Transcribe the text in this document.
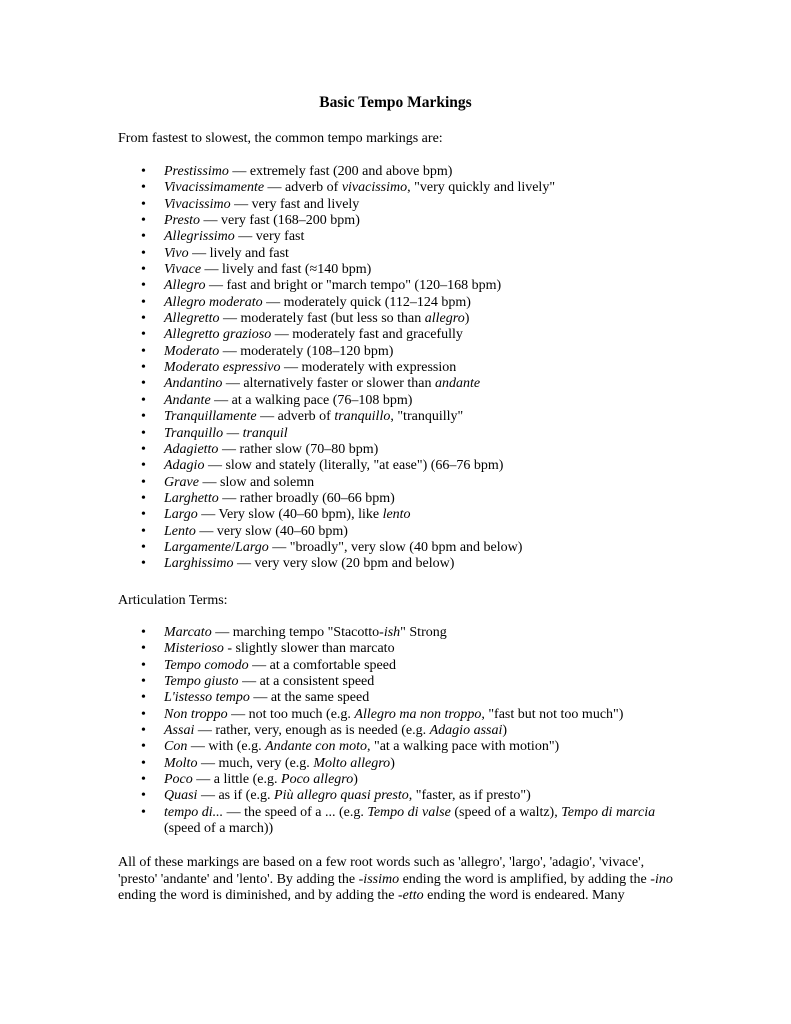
Basic Tempo Markings

From fastest to slowest, the common tempo markings are:

• Prestissimo — extremely fast (200 and above bpm)
• Vivacissimamente — adverb of vivacissimo, "very quickly and lively"
• Vivacissimo — very fast and lively
• Presto — very fast (168–200 bpm)
• Allegrissimo — very fast
• Vivo — lively and fast
• Vivace — lively and fast (≈140 bpm)
• Allegro — fast and bright or "march tempo" (120–168 bpm)
• Allegro moderato — moderately quick (112–124 bpm)
• Allegretto — moderately fast (but less so than allegro)
• Allegretto grazioso — moderately fast and gracefully
• Moderato — moderately (108–120 bpm)
• Moderato espressivo — moderately with expression
• Andantino — alternatively faster or slower than andante
• Andante — at a walking pace (76–108 bpm)
• Tranquillamente — adverb of tranquillo, "tranquilly"
• Tranquillo — tranquil
• Adagietto — rather slow (70–80 bpm)
• Adagio — slow and stately (literally, "at ease") (66–76 bpm)
• Grave — slow and solemn
• Larghetto — rather broadly (60–66 bpm)
• Largo — Very slow (40–60 bpm), like lento
• Lento — very slow (40–60 bpm)
• Largamente/Largo — "broadly", very slow (40 bpm and below)
• Larghissimo — very very slow (20 bpm and below)

Articulation Terms:

• Marcato — marching tempo "Stacotto-ish" Strong
• Misterioso - slightly slower than marcato
• Tempo comodo — at a comfortable speed
• Tempo giusto — at a consistent speed
• L'istesso tempo — at the same speed
• Non troppo — not too much (e.g. Allegro ma non troppo, "fast but not too much")
• Assai — rather, very, enough as is needed (e.g. Adagio assai)
• Con — with (e.g. Andante con moto, "at a walking pace with motion")
• Molto — much, very (e.g. Molto allegro)
• Poco — a little (e.g. Poco allegro)
• Quasi — as if (e.g. Più allegro quasi presto, "faster, as if presto")
• tempo di... — the speed of a ... (e.g. Tempo di valse (speed of a waltz), Tempo di marcia (speed of a march))

All of these markings are based on a few root words such as 'allegro', 'largo', 'adagio', 'vivace', 'presto' 'andante' and 'lento'. By adding the -issimo ending the word is amplified, by adding the -ino ending the word is diminished, and by adding the -etto ending the word is endeared. Many
